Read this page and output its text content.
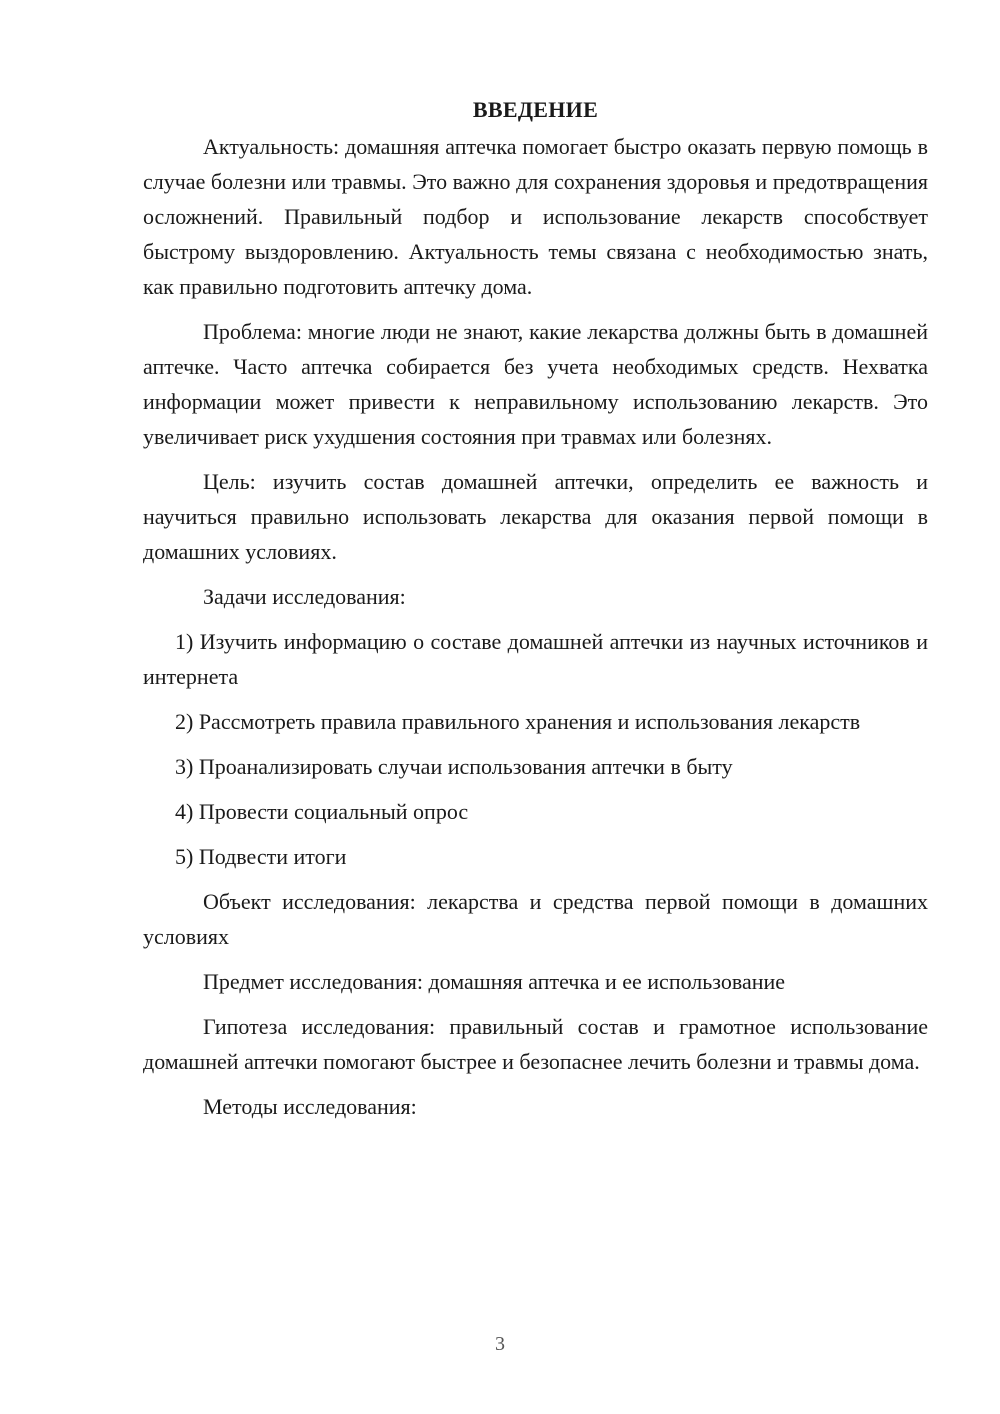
ВВЕДЕНИЕ

Актуальность: домашняя аптечка помогает быстро оказать первую помощь в случае болезни или травмы. Это важно для сохранения здоровья и предотвращения осложнений. Правильный подбор и использование лекарств способствует быстрому выздоровлению. Актуальность темы связана с необходимостью знать, как правильно подготовить аптечку дома.

Проблема: многие люди не знают, какие лекарства должны быть в домашней аптечке. Часто аптечка собирается без учета необходимых средств. Нехватка информации может привести к неправильному использованию лекарств. Это увеличивает риск ухудшения состояния при травмах или болезнях.

Цель: изучить состав домашней аптечки, определить ее важность и научиться правильно использовать лекарства для оказания первой помощи в домашних условиях.

Задачи исследования:

1) Изучить информацию о составе домашней аптечки из научных источников и интернета

2) Рассмотреть правила правильного хранения и использования лекарств

3) Проанализировать случаи использования аптечки в быту

4) Провести социальный опрос

5) Подвести итоги

Объект исследования: лекарства и средства первой помощи в домашних условиях

Предмет исследования: домашняя аптечка и ее использование

Гипотеза исследования: правильный состав и грамотное использование домашней аптечки помогают быстрее и безопаснее лечить болезни и травмы дома.

Методы исследования:

3
